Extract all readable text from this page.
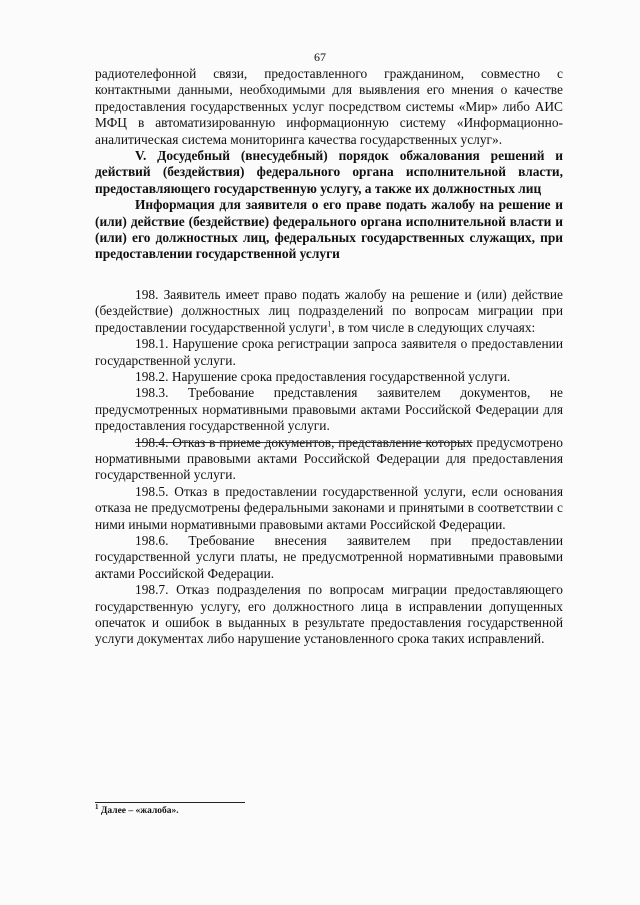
67

радиотелефонной связи, предоставленного гражданином, совместно с контактными данными, необходимыми для выявления его мнения о качестве предоставления государственных услуг посредством системы «Мир» либо АИС МФЦ в автоматизированную информационную систему «Информационно-аналитическая система мониторинга качества государственных услуг».

V. Досудебный (внесудебный) порядок обжалования решений и действий (бездействия) федерального органа исполнительной власти, предоставляющего государственную услугу, а также их должностных лиц

Информация для заявителя о его праве подать жалобу на решение и (или) действие (бездействие) федерального органа исполнительной власти и (или) его должностных лиц, федеральных государственных служащих, при предоставлении государственной услуги

198. Заявитель имеет право подать жалобу на решение и (или) действие (бездействие) должностных лиц подразделений по вопросам миграции при предоставлении государственной услуги$^1$, в том числе в следующих случаях:

198.1. Нарушение срока регистрации запроса заявителя о предоставлении государственной услуги.

198.2. Нарушение срока предоставления государственной услуги.

198.3. Требование представления заявителем документов, не предусмотренных нормативными правовыми актами Российской Федерации для предоставления государственной услуги.

198.4. Отказ в приеме документов, представление которых предусмотрено нормативными правовыми актами Российской Федерации для предоставления государственной услуги.

198.5. Отказ в предоставлении государственной услуги, если основания отказа не предусмотрены федеральными законами и принятыми в соответствии с ними иными нормативными правовыми актами Российской Федерации.

198.6. Требование внесения заявителем при предоставлении государственной услуги платы, не предусмотренной нормативными правовыми актами Российской Федерации.

198.7. Отказ подразделения по вопросам миграции предоставляющего государственную услугу, его должностного лица в исправлении допущенных опечаток и ошибок в выданных в результате предоставления государственной услуги документах либо нарушение установленного срока таких исправлений.

$^1$ Далее – «жалоба».
